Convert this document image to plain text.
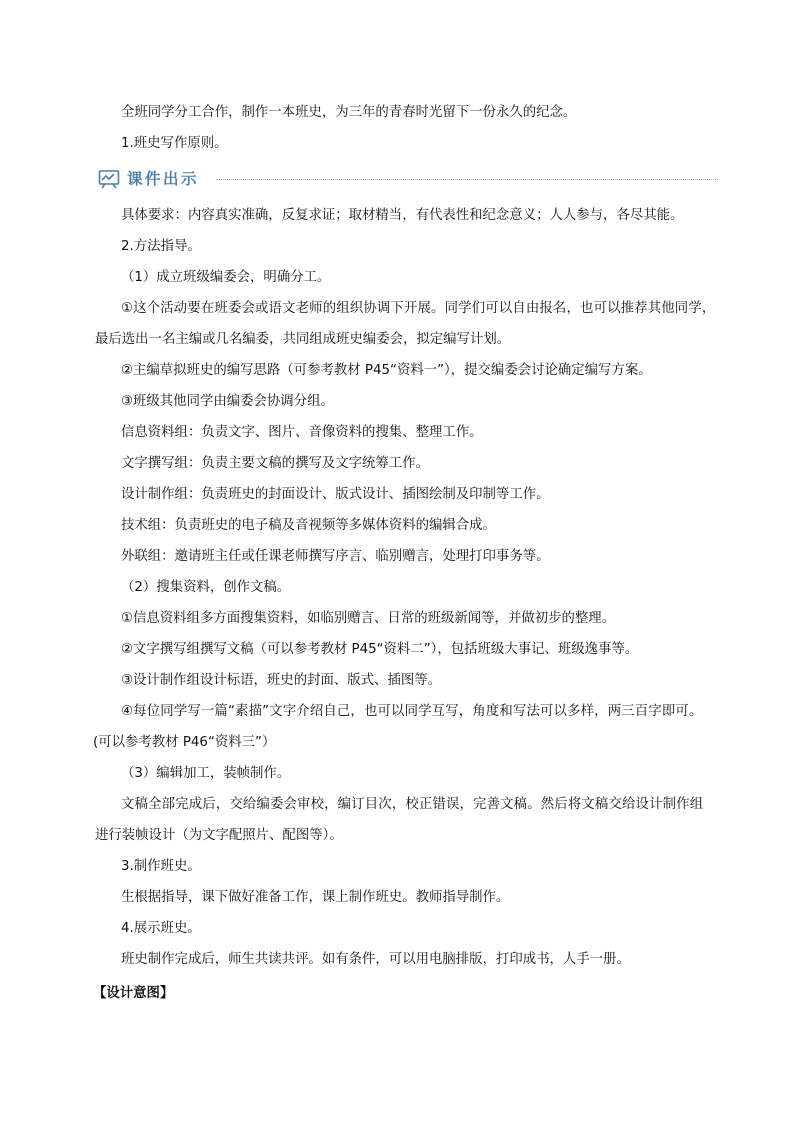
全班同学分工合作，制作一本班史，为三年的青春时光留下一份永久的纪念。
1.班史写作原则。
课件出示
具体要求：内容真实准确，反复求证；取材精当，有代表性和纪念意义；人人参与，各尽其能。
2.方法指导。
（1）成立班级编委会，明确分工。
①这个活动要在班委会或语文老师的组织协调下开展。同学们可以自由报名，也可以推荐其他同学，
最后选出一名主编或几名编委，共同组成班史编委会，拟定编写计划。
②主编草拟班史的编写思路（可参考教材 P45“资料一”），提交编委会讨论确定编写方案。
③班级其他同学由编委会协调分组。
信息资料组：负责文字、图片、音像资料的搜集、整理工作。
文字撰写组：负责主要文稿的撰写及文字统筹工作。
设计制作组：负责班史的封面设计、版式设计、插图绘制及印制等工作。
技术组：负责班史的电子稿及音视频等多媒体资料的编辑合成。
外联组：邀请班主任或任课老师撰写序言、临别赠言，处理打印事务等。
（2）搜集资料，创作文稿。
①信息资料组多方面搜集资料，如临别赠言、日常的班级新闻等，并做初步的整理。
②文字撰写组撰写文稿（可以参考教材 P45“资料二”），包括班级大事记、班级逸事等。
③设计制作组设计标语，班史的封面、版式、插图等。
④每位同学写一篇“素描”文字介绍自己，也可以同学互写，角度和写法可以多样，两三百字即可。
(可以参考教材 P46“资料三”）
（3）编辑加工，装帧制作。
文稿全部完成后，交给编委会审校，编订目次，校正错误，完善文稿。然后将文稿交给设计制作组
进行装帧设计（为文字配照片、配图等）。
3.制作班史。
生根据指导，课下做好准备工作，课上制作班史。教师指导制作。
4.展示班史。
班史制作完成后，师生共读共评。如有条件，可以用电脑排版，打印成书，人手一册。
【设计意图】
